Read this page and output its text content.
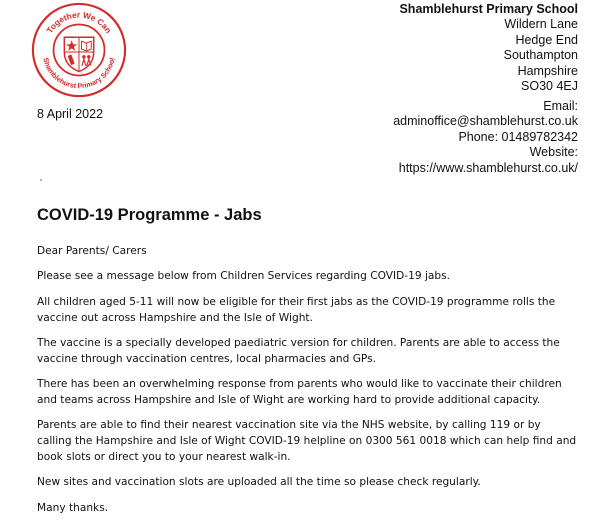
Together We Can
Shamblehurst Primary School
Shamblehurst Primary School
Wildern Lane
Hedge End
Southampton
Hampshire
SO30 4EJ
8 April 2022
Email:
adminoffice@shamblehurst.co.uk
Phone: 01489782342
Website:
https://www.shamblehurst.co.uk/
COVID-19 Programme - Jabs

Dear Parents/ Carers

Please see a message below from Children Services regarding COVID-19 jabs.

All children aged 5-11 will now be eligible for their first jabs as the COVID-19 programme rolls the vaccine out across Hampshire and the Isle of Wight.

The vaccine is a specially developed paediatric version for children. Parents are able to access the vaccine through vaccination centres, local pharmacies and GPs.

There has been an overwhelming response from parents who would like to vaccinate their children and teams across Hampshire and Isle of Wight are working hard to provide additional capacity.

Parents are able to find their nearest vaccination site via the NHS website, by calling 119 or by calling the Hampshire and Isle of Wight COVID-19 helpline on 0300 561 0018 which can help find and book slots or direct you to your nearest walk-in.

New sites and vaccination slots are uploaded all the time so please check regularly.

Many thanks.
